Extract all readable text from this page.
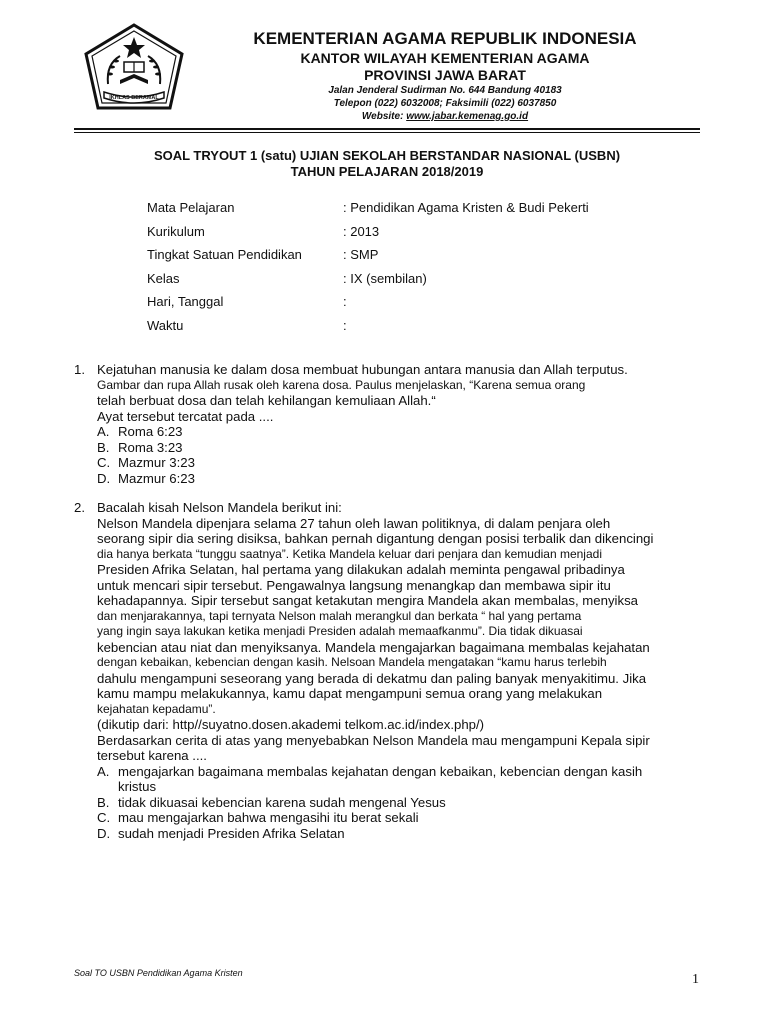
IKHLAS BERAMAL
KEMENTERIAN AGAMA REPUBLIK INDONESIA
KANTOR WILAYAH KEMENTERIAN AGAMA
PROVINSI JAWA BARAT
Jalan Jenderal Sudirman No. 644 Bandung 40183
Telepon (022) 6032008; Faksimili (022) 6037850
Website: www.jabar.kemenag.go.id
SOAL TRYOUT 1 (satu) UJIAN SEKOLAH BERSTANDAR NASIONAL (USBN)
TAHUN PELAJARAN 2018/2019
Mata Pelajaran	: Pendidikan Agama Kristen & Budi Pekerti
Kurikulum	: 2013
Tingkat Satuan Pendidikan	: SMP
Kelas	: IX (sembilan)
Hari, Tanggal	:
Waktu	:
1. Kejatuhan manusia ke dalam dosa membuat hubungan antara manusia dan Allah terputus.
Gambar dan rupa Allah rusak oleh karena dosa. Paulus menjelaskan, “Karena semua orang
telah berbuat dosa dan telah kehilangan kemuliaan Allah.“
Ayat tersebut tercatat pada ....
A. Roma 6:23
B. Roma 3:23
C. Mazmur 3:23
D. Mazmur 6:23
2. Bacalah kisah Nelson Mandela berikut ini:
Nelson Mandela dipenjara selama 27 tahun oleh lawan politiknya, di dalam penjara oleh
seorang sipir dia sering disiksa, bahkan pernah digantung dengan posisi terbalik dan dikencingi
dia hanya berkata “tunggu saatnya”. Ketika Mandela keluar dari penjara dan kemudian menjadi
Presiden Afrika Selatan, hal pertama yang dilakukan adalah meminta pengawal pribadinya
untuk mencari sipir tersebut. Pengawalnya langsung menangkap dan membawa sipir itu
kehadapannya. Sipir tersebut sangat ketakutan mengira Mandela akan membalas, menyiksa
dan menjarakannya, tapi ternyata Nelson malah merangkul dan berkata “ hal yang pertama
yang ingin saya lakukan ketika menjadi Presiden adalah memaafkanmu”. Dia tidak dikuasai
kebencian atau niat dan menyiksanya. Mandela mengajarkan bagaimana membalas kejahatan
dengan kebaikan, kebencian dengan kasih. Nelsoan Mandela mengatakan “kamu harus terlebih
dahulu mengampuni seseorang yang berada di dekatmu dan paling banyak menyakitimu. Jika
kamu mampu melakukannya, kamu dapat mengampuni semua orang yang melakukan
kejahatan kepadamu”.
(dikutip dari: http//suyatno.dosen.akademi telkom.ac.id/index.php/)
Berdasarkan cerita di atas yang menyebabkan Nelson Mandela mau mengampuni Kepala sipir
tersebut karena ....
A. mengajarkan bagaimana membalas kejahatan dengan kebaikan, kebencian dengan kasih
kristus
B. tidak dikuasai kebencian karena sudah mengenal Yesus
C. mau mengajarkan bahwa mengasihi itu berat sekali
D. sudah menjadi Presiden Afrika Selatan
Soal TO USBN Pendidikan Agama Kristen	1
